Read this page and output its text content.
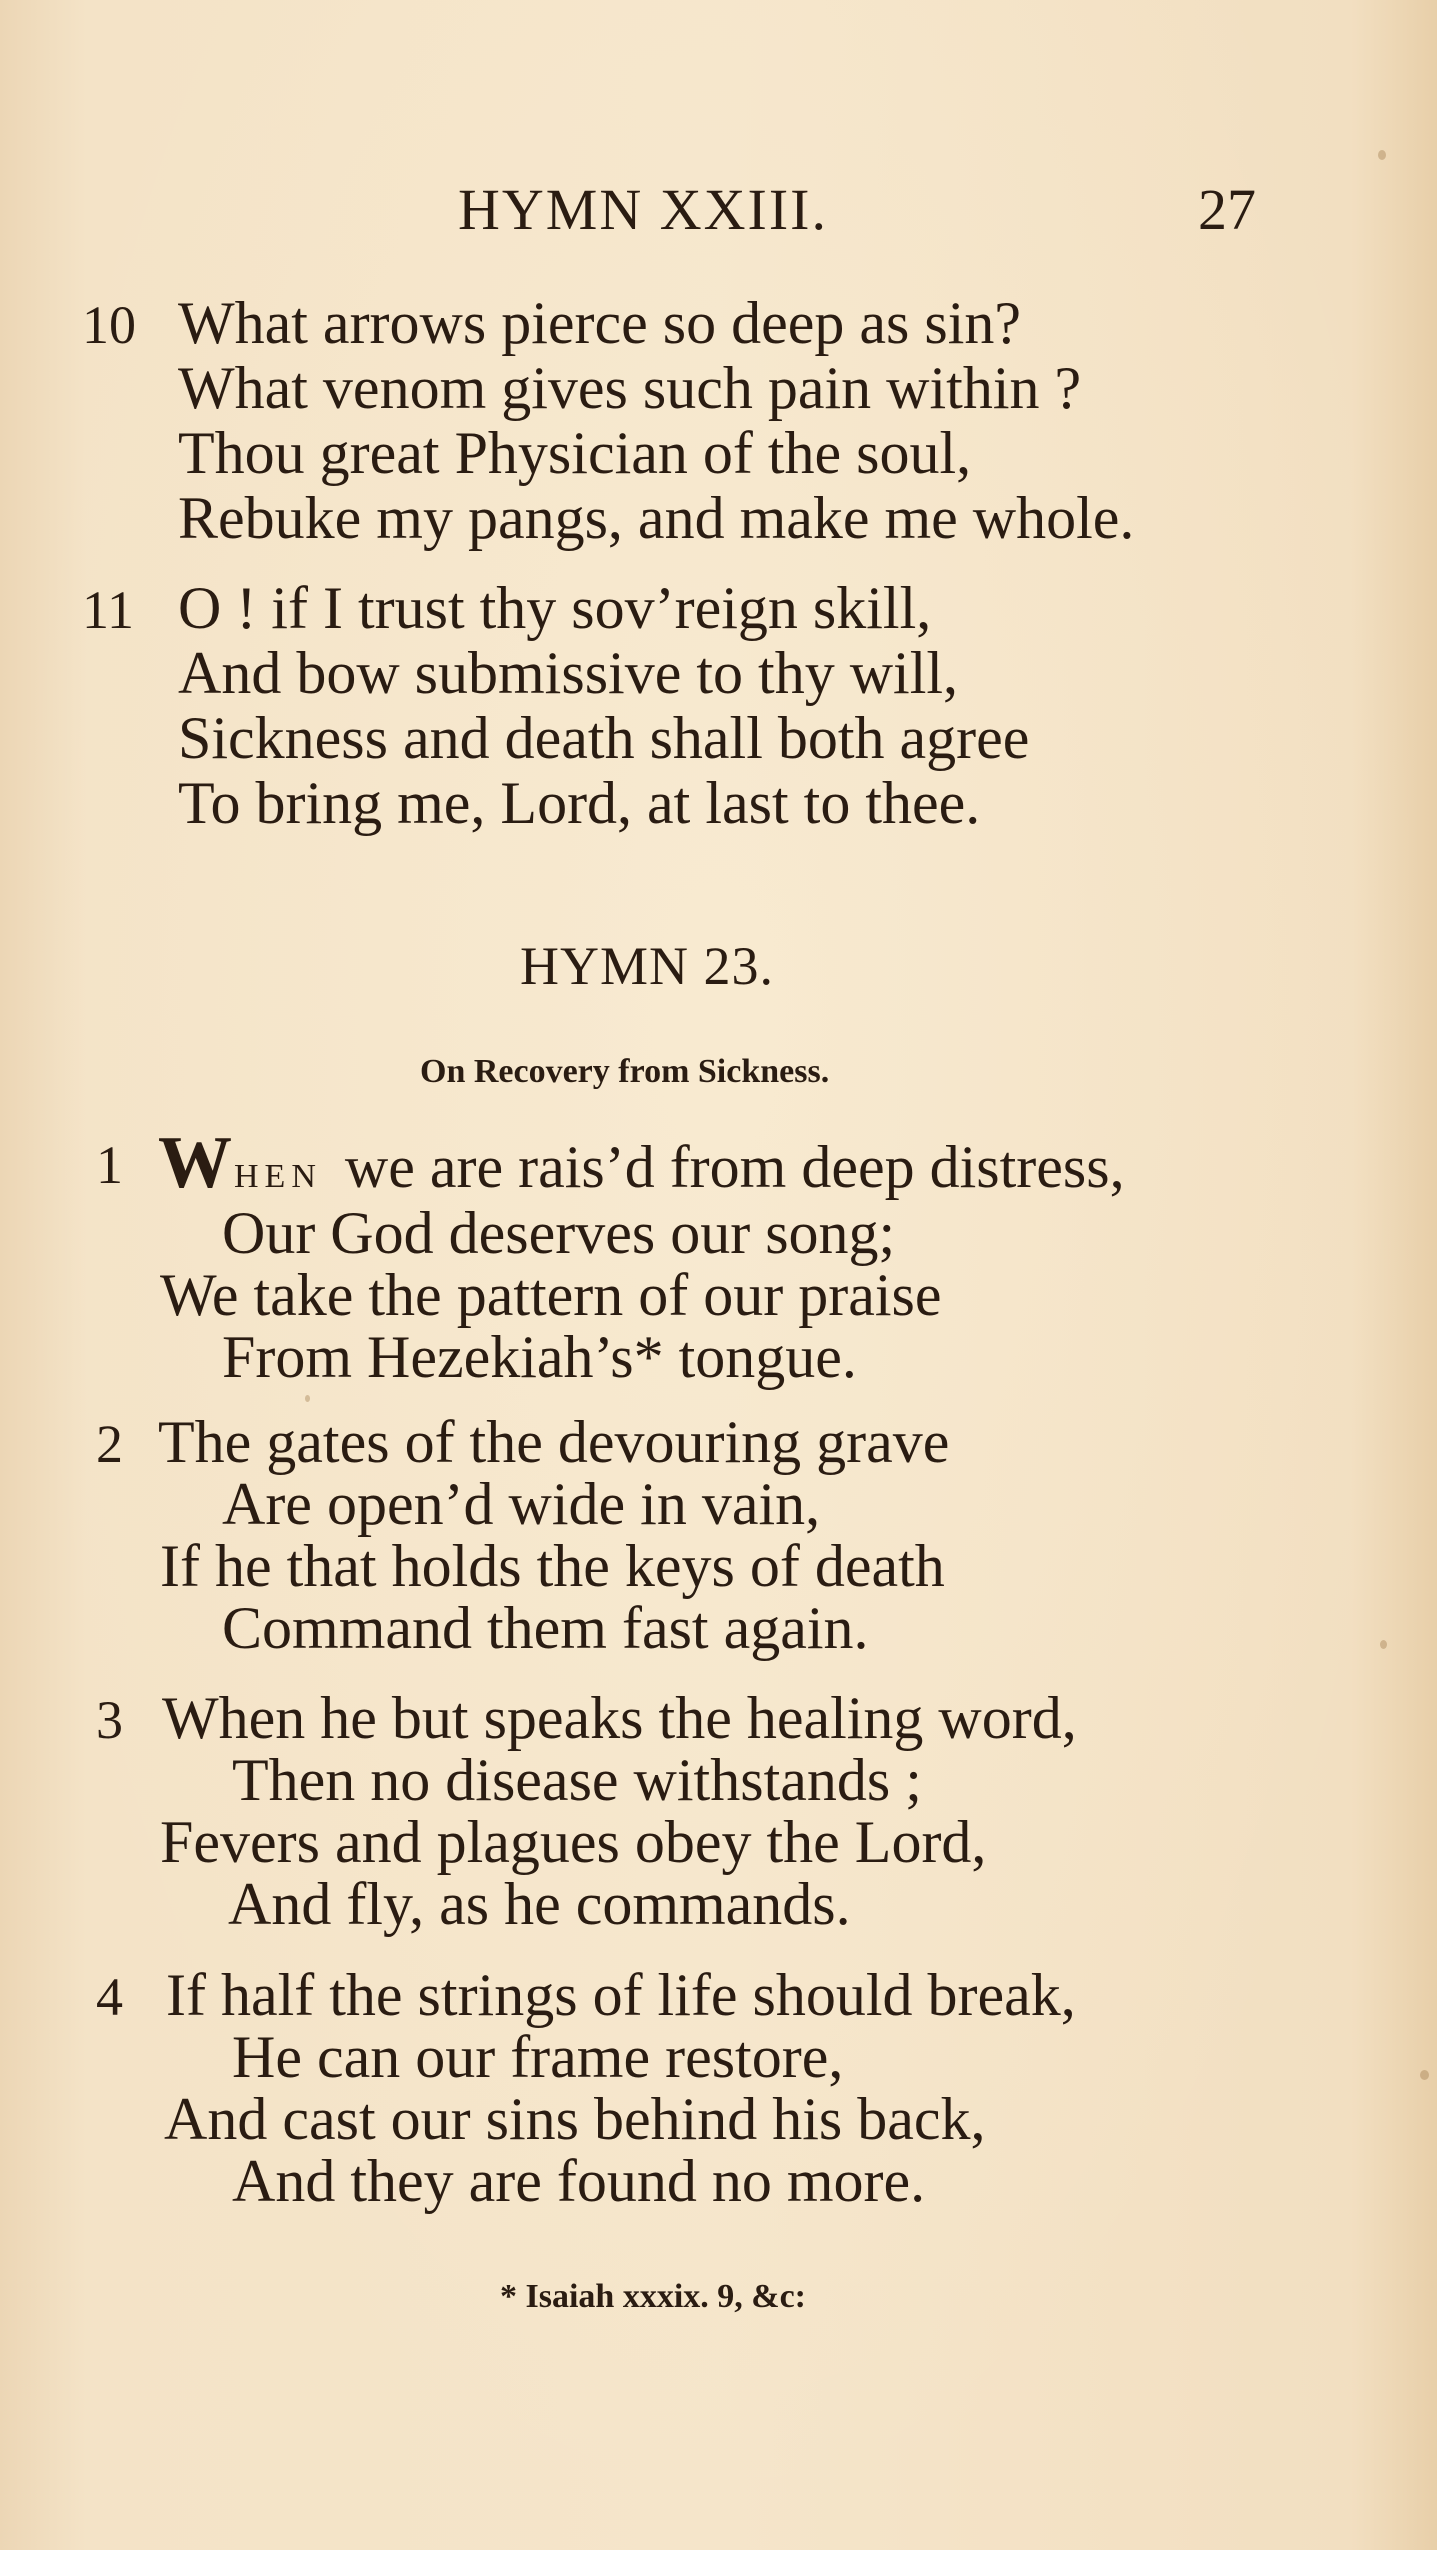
HYMN XXIII.	27
10 What arrows pierce so deep as sin?
What venom gives such pain within ?
Thou great Physician of the soul,
Rebuke my pangs, and make me whole.
11 O ! if I trust thy sov’reign skill,
And bow submissive to thy will,
Sickness and death shall both agree
To bring me, Lord, at last to thee.
HYMN 23.
On Recovery from Sickness.
1 WHEN we are rais’d from deep distress,
Our God deserves our song;
We take the pattern of our praise
From Hezekiah’s* tongue.
2 The gates of the devouring grave
Are open’d wide in vain,
If he that holds the keys of death
Command them fast again.
3 When he but speaks the healing word,
Then no disease withstands ;
Fevers and plagues obey the Lord,
And fly, as he commands.
4 If half the strings of life should break,
He can our frame restore,
And cast our sins behind his back,
And they are found no more.
* Isaiah xxxix. 9, &c:
